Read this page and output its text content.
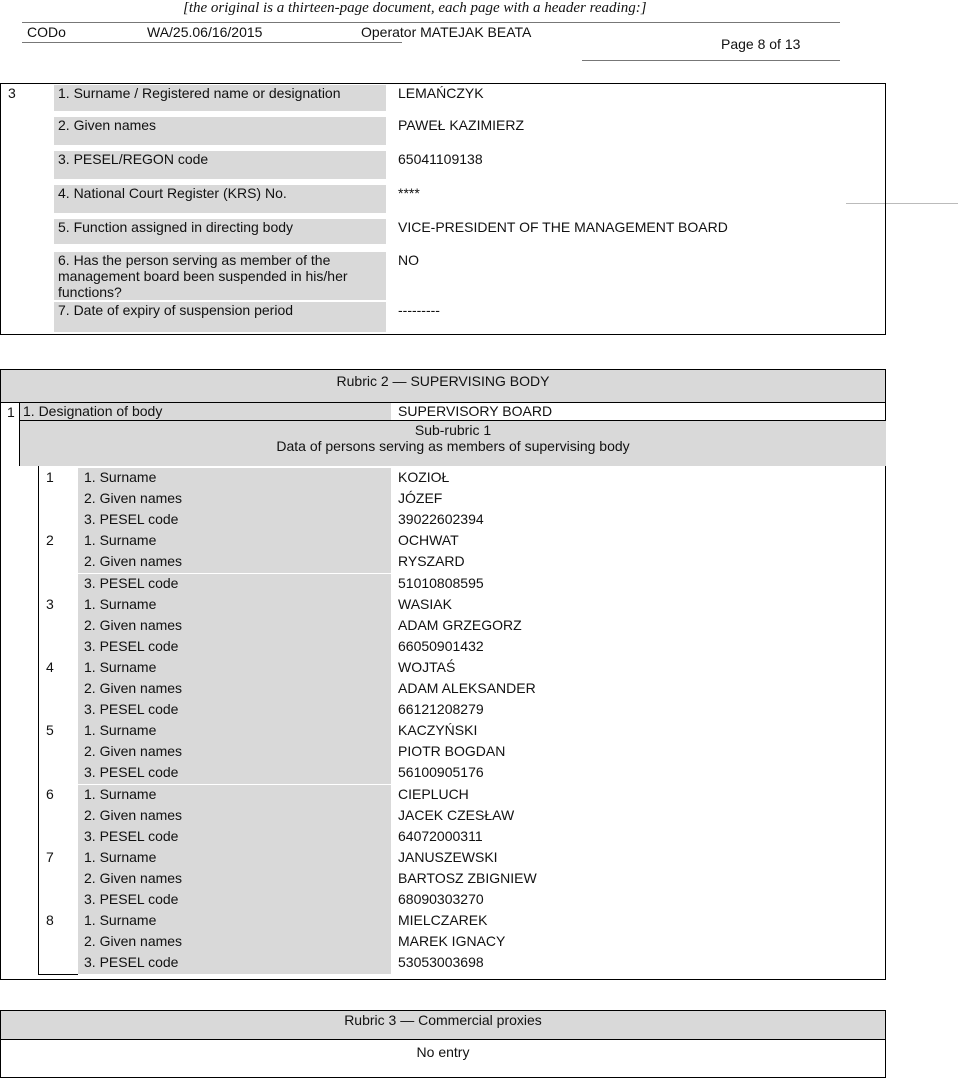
[the original is a thirteen-page document, each page with a header reading:]
CODo	WA/25.06/16/2015	Operator MATEJAK BEATA
Page 8 of 13
3	1. Surname / Registered name or designation	LEMAŃCZYK
2. Given names	PAWEŁ KAZIMIERZ
3. PESEL/REGON code	65041109138
4. National Court Register (KRS) No.	****
5. Function assigned in directing body	VICE-PRESIDENT OF THE MANAGEMENT BOARD
6. Has the person serving as member of the
management board been suspended in his/her
functions?
NO
7. Date of expiry of suspension period	---------
Rubric 2 — SUPERVISING BODY
1 1. Designation of body	SUPERVISORY BOARD
Sub-rubric 1
Data of persons serving as members of supervising body
1 1. Surname	KOZIOŁ
2. Given names	JÓZEF
3. PESEL code	39022602394
2 1. Surname	OCHWAT
2. Given names	RYSZARD
3. PESEL code	51010808595
3 1. Surname	WASIAK
2. Given names	ADAM GRZEGORZ
3. PESEL code	66050901432
4 1. Surname	WOJTAŚ
2. Given names	ADAM ALEKSANDER
3. PESEL code	66121208279
5 1. Surname	KACZYŃSKI
2. Given names	PIOTR BOGDAN
3. PESEL code	56100905176
6 1. Surname	CIEPLUCH
2. Given names	JACEK CZESŁAW
3. PESEL code	64072000311
7 1. Surname	JANUSZEWSKI
2. Given names	BARTOSZ ZBIGNIEW
3. PESEL code	68090303270
8 1. Surname	MIELCZAREK
2. Given names	MAREK IGNACY
3. PESEL code	53053003698
Rubric 3 — Commercial proxies
No entry
